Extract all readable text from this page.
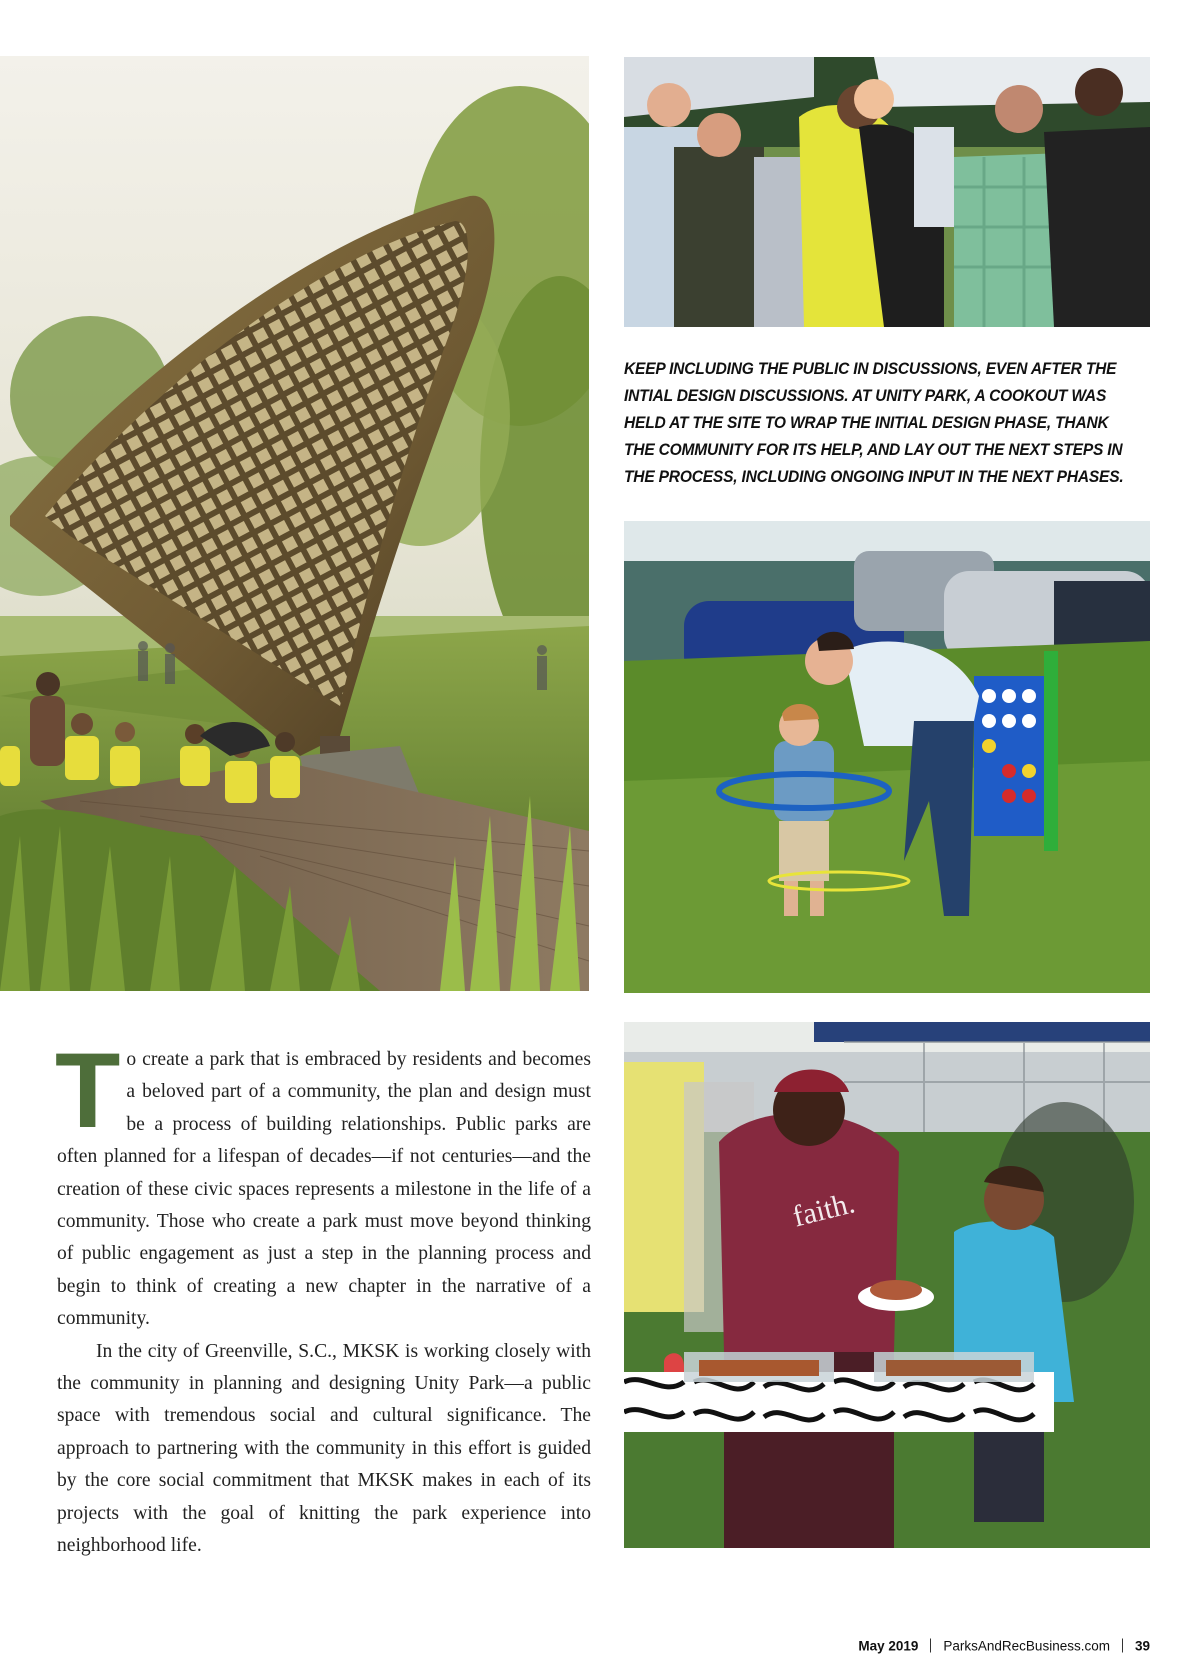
KEEP INCLUDING THE PUBLIC IN DISCUSSIONS, EVEN AFTER THE INTIAL DESIGN DISCUSSIONS. AT UNITY PARK, A COOKOUT WAS HELD AT THE SITE TO WRAP THE INITIAL DESIGN PHASE, THANK THE COMMUNITY FOR ITS HELP, AND LAY OUT THE NEXT STEPS IN THE PROCESS, INCLUDING ONGOING INPUT IN THE NEXT PHASES.
faith.

To create a park that is embraced by residents and becomes a beloved part of a community, the plan and design must be a process of building relationships. Public parks are often planned for a lifespan of decades—if not centuries—and the creation of these civic spaces represents a milestone in the life of a community. Those who create a park must move beyond thinking of public engagement as just a step in the planning process and begin to think of creating a new chapter in the narrative of a community.

In the city of Greenville, S.C., MKSK is working closely with the community in planning and designing Unity Park—a public space with tremendous social and cultural significance. The approach to partnering with the community in this effort is guided by the core social commitment that MKSK makes in each of its projects with the goal of knitting the park experience into neighborhood life.

May 2019 ParksAndRecBusiness.com 39
